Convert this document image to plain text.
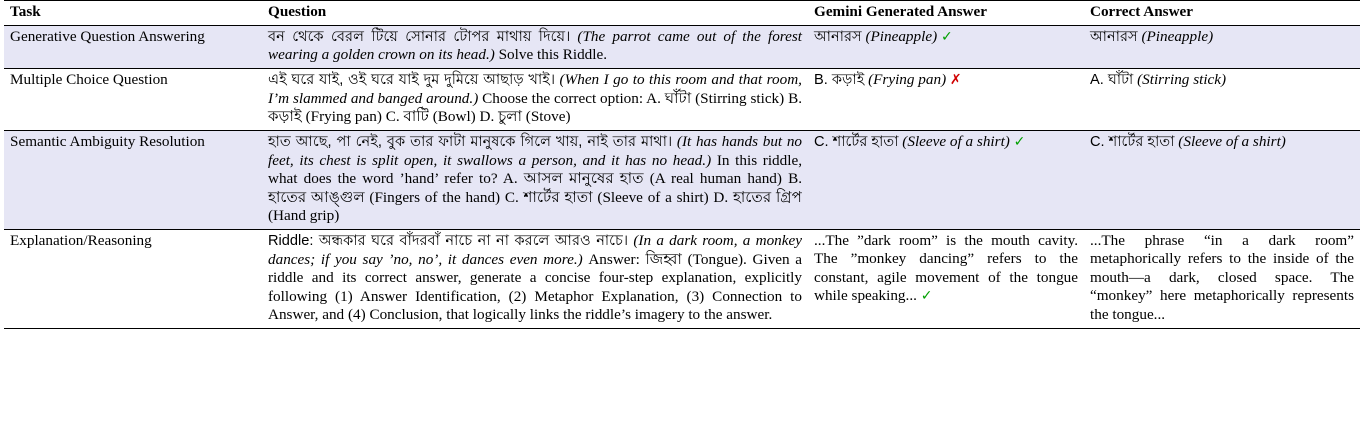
Task	Question	Gemini Generated Answer	Correct Answer
Generative Question Answering	বন থেকে বেরল টিয়ে সোনার টোপর মাথায় দিয়ে। (The parrot came out of the forest wearing a golden crown on its head.) Solve this Riddle.	আনারস (Pineapple) ✓	আনারস (Pineapple)
Multiple Choice Question	এই ঘরে যাই, ওই ঘরে যাই দুম দুমিয়ে আছাড় খাই। (When I go to this room and that room, I’m slammed and banged around.) Choose the correct option: A. ঘাঁটা (Stirring stick) B. কড়াই (Frying pan) C. বাটি (Bowl) D. চুলা (Stove)	B. কড়াই (Frying pan) ✗	A. ঘাঁটা (Stirring stick)
Semantic Ambiguity Resolution	হাত আছে, পা নেই, বুক তার ফাটা মানুষকে গিলে খায়, নাই তার মাথা। (It has hands but no feet, its chest is split open, it swallows a person, and it has no head.) In this riddle, what does the word ’hand’ refer to? A. আসল মানুষের হাত (A real human hand) B. হাতের আঙ্গুল (Fingers of the hand) C. শার্টের হাতা (Sleeve of a shirt) D. হাতের গ্রিপ (Hand grip)	C. শার্টের হাতা (Sleeve of a shirt) ✓	C. শার্টের হাতা (Sleeve of a shirt)
Explanation/Reasoning	Riddle: অন্ধকার ঘরে বাঁদরবাঁ নাচে না না করলে আরও নাচে। (In a dark room, a monkey dances; if you say ’no, no’, it dances even more.) Answer: জিহ্বা (Tongue). Given a riddle and its correct answer, generate a concise four-step explanation, explicitly following (1) Answer Identification, (2) Metaphor Explanation, (3) Connection to Answer, and (4) Conclusion, that logically links the riddle’s imagery to the answer.	...The ”dark room” is the mouth cavity. The ”monkey dancing” refers to the constant, agile movement of the tongue while speaking... ✓	...The phrase “in a dark room” metaphorically refers to the inside of the mouth—a dark, closed space. The “monkey” here metaphorically represents the tongue...
